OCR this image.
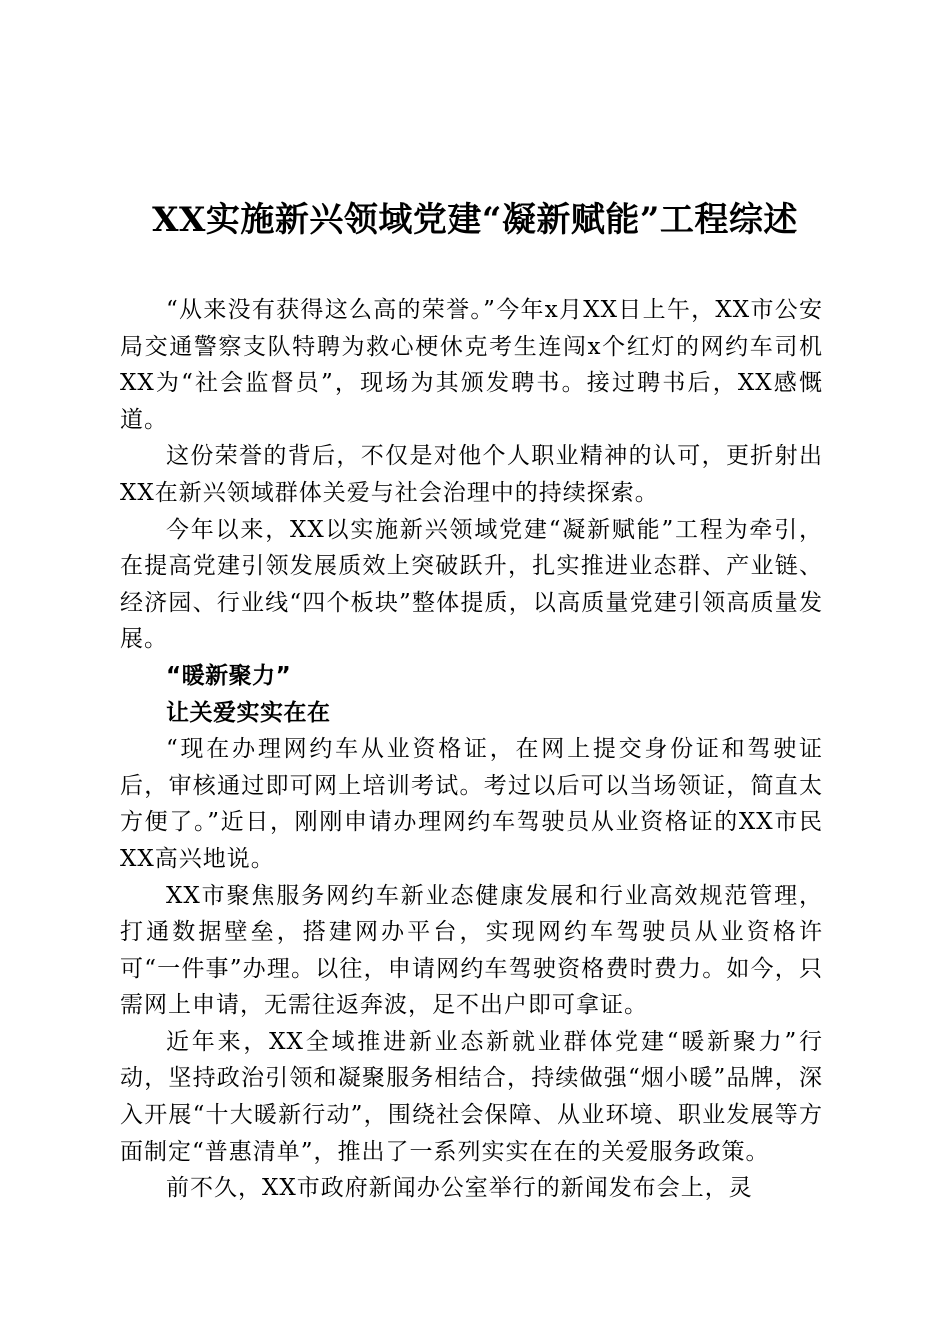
XX实施新兴领域党建“凝新赋能”工程综述

“从来没有获得这么高的荣誉。”今年x月XX日上午，XX市公安局交通警察支队特聘为救心梗休克考生连闯x个红灯的网约车司机XX为“社会监督员”，现场为其颁发聘书。接过聘书后，XX感慨道。

这份荣誉的背后，不仅是对他个人职业精神的认可，更折射出XX在新兴领域群体关爱与社会治理中的持续探索。

今年以来，XX以实施新兴领域党建“凝新赋能”工程为牵引，在提高党建引领发展质效上突破跃升，扎实推进业态群、产业链、经济园、行业线“四个板块”整体提质，以高质量党建引领高质量发展。

“暖新聚力”

让关爱实实在在

“现在办理网约车从业资格证，在网上提交身份证和驾驶证后，审核通过即可网上培训考试。考过以后可以当场领证，简直太方便了。”近日，刚刚申请办理网约车驾驶员从业资格证的XX市民XX高兴地说。

XX市聚焦服务网约车新业态健康发展和行业高效规范管理，打通数据壁垒，搭建网办平台，实现网约车驾驶员从业资格许可“一件事”办理。以往，申请网约车驾驶资格费时费力。如今，只需网上申请，无需往返奔波，足不出户即可拿证。

近年来，XX全域推进新业态新就业群体党建“暖新聚力”行动，坚持政治引领和凝聚服务相结合，持续做强“烟小暖”品牌，深入开展“十大暖新行动”，围绕社会保障、从业环境、职业发展等方面制定“普惠清单”，推出了一系列实实在在的关爱服务政策。

前不久，XX市政府新闻办公室举行的新闻发布会上，灵
